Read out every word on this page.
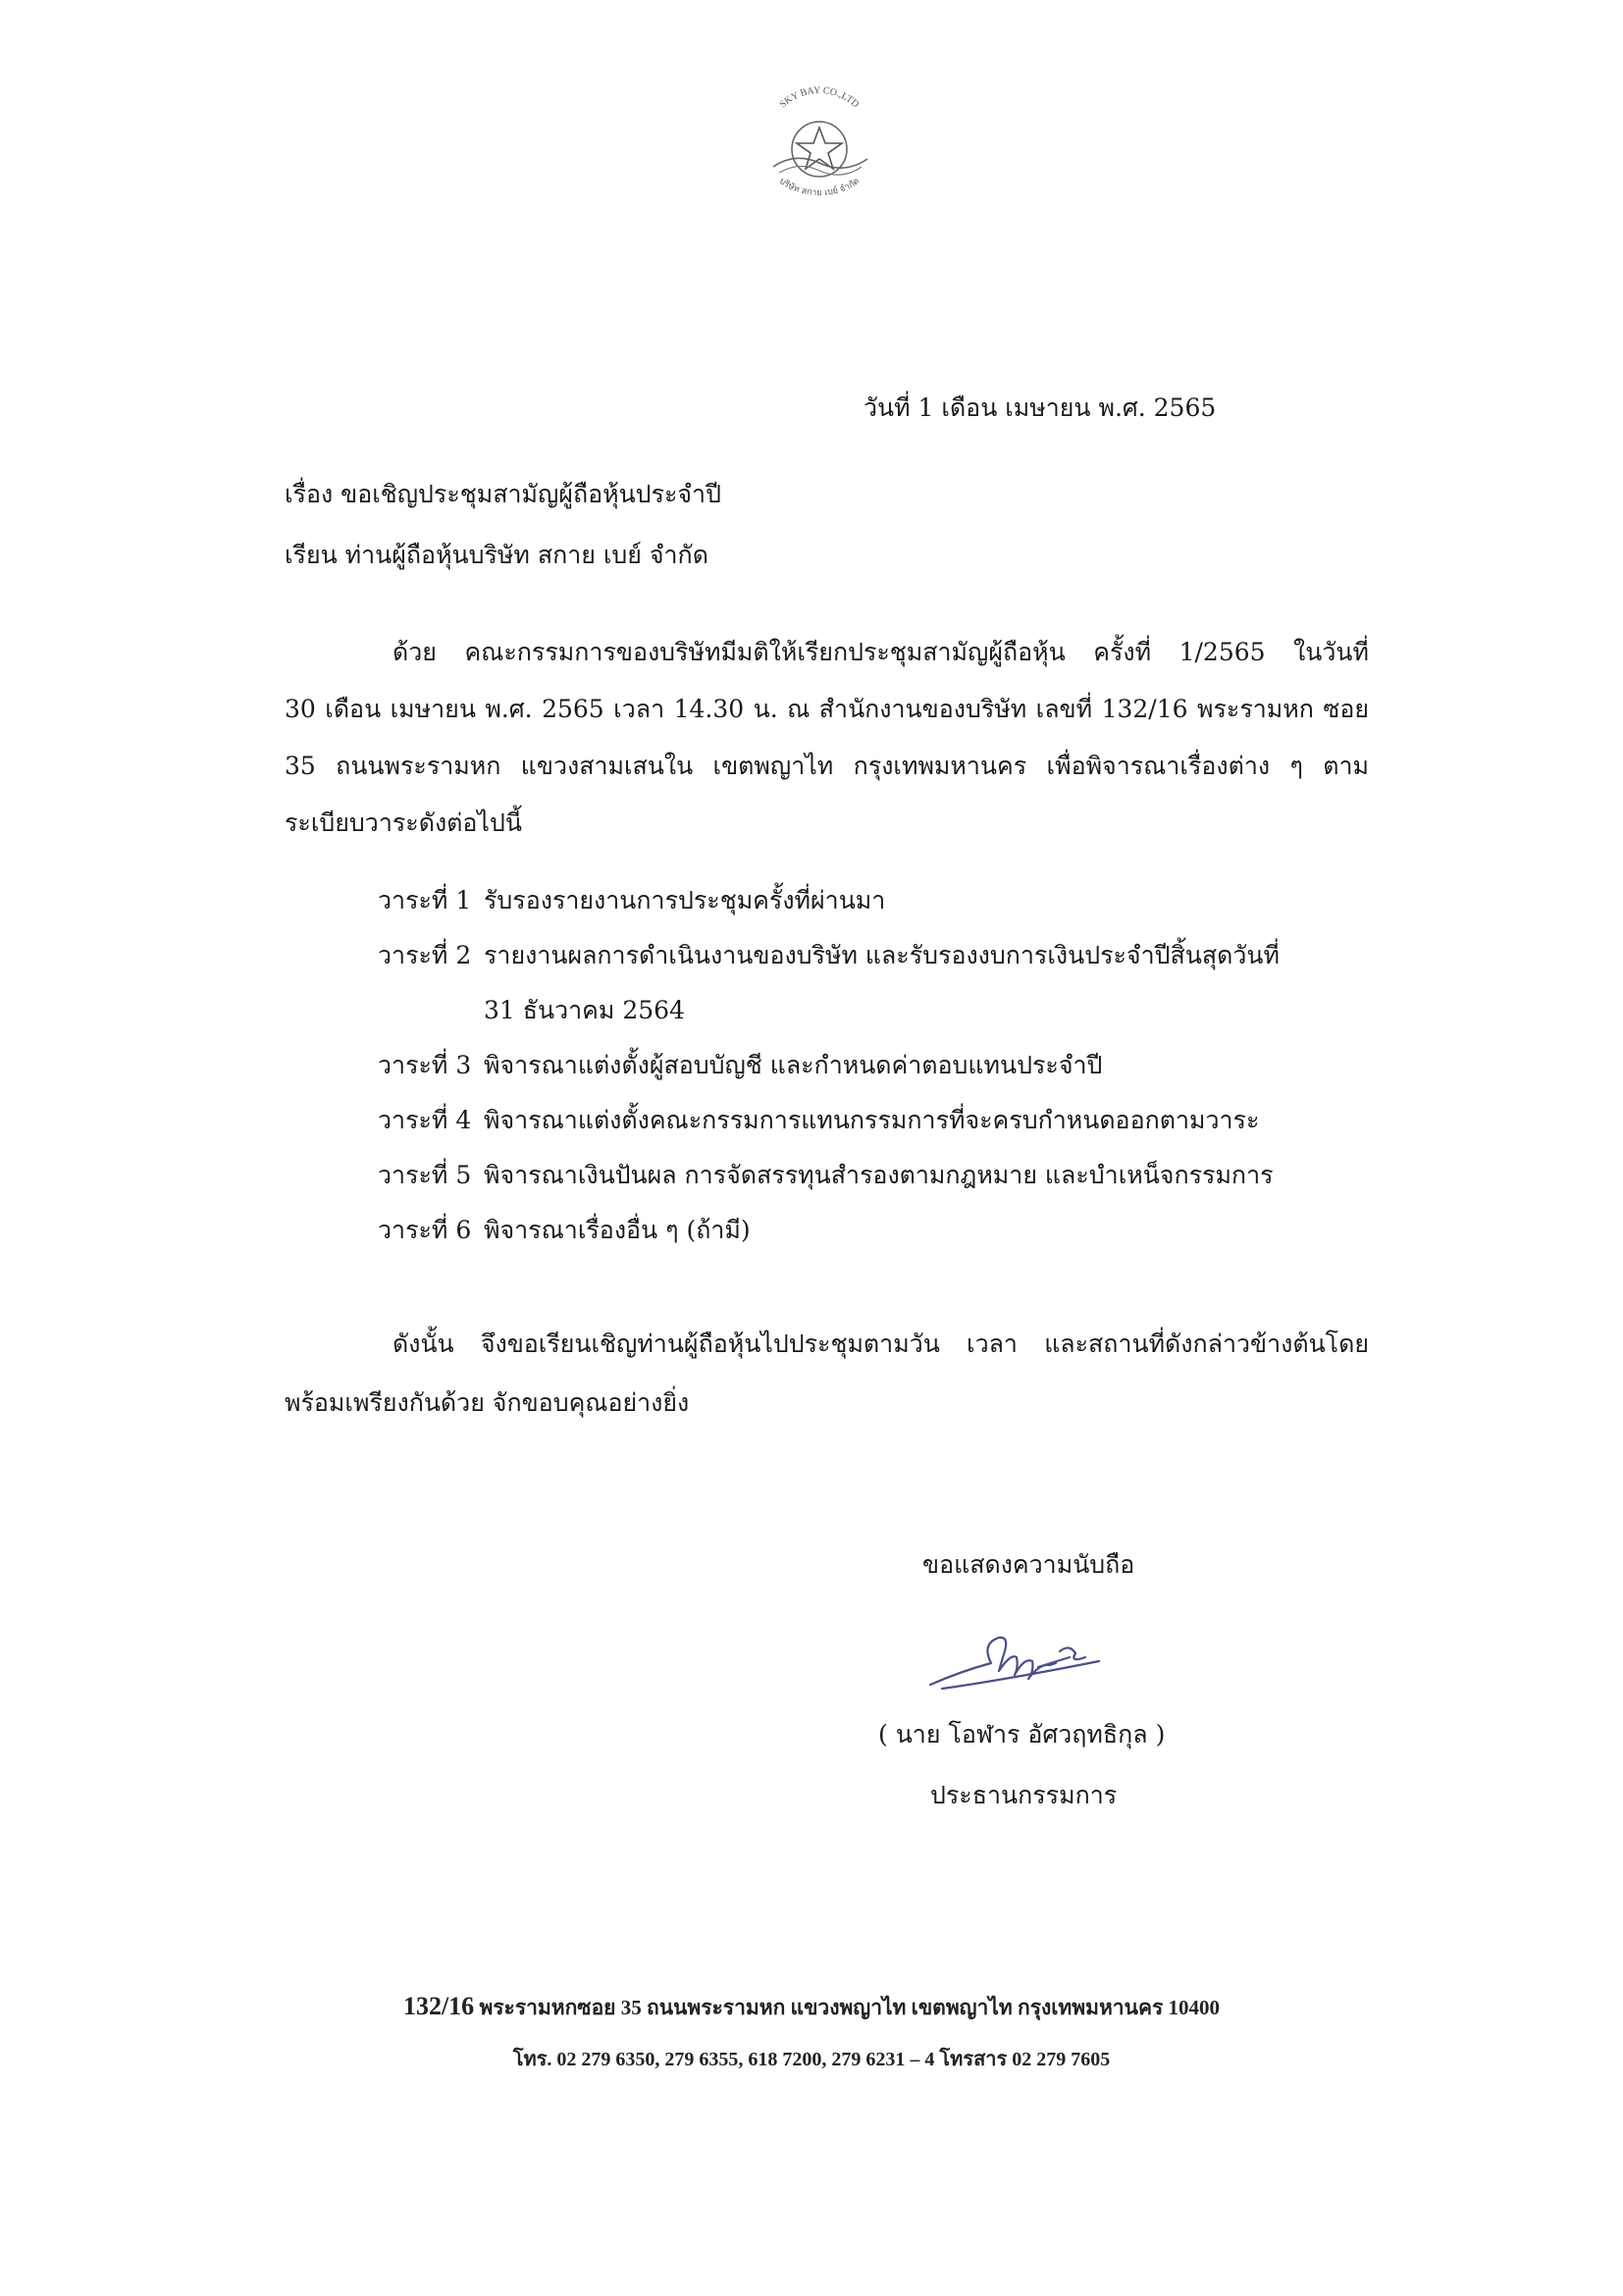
SKY BAY CO.,LTD
บริษัท สกาย เบย์ จำกัด
วันที่ 1 เดือน เมษายน พ.ศ. 2565
เรื่อง ขอเชิญประชุมสามัญผู้ถือหุ้นประจำปี
เรียน ท่านผู้ถือหุ้นบริษัท สกาย เบย์ จำกัด
ด้วย คณะกรรมการของบริษัทมีมติให้เรียกประชุมสามัญผู้ถือหุ้น ครั้งที่ 1/2565 ในวันที่
30 เดือน เมษายน พ.ศ. 2565 เวลา 14.30 น. ณ สำนักงานของบริษัท เลขที่ 132/16 พระรามหก ซอย
35 ถนนพระรามหก แขวงสามเสนใน เขตพญาไท กรุงเทพมหานคร เพื่อพิจารณาเรื่องต่าง ๆ ตาม
ระเบียบวาระดังต่อไปนี้
วาระที่ 1 รับรองรายงานการประชุมครั้งที่ผ่านมา
วาระที่ 2 รายงานผลการดำเนินงานของบริษัท และรับรองงบการเงินประจำปีสิ้นสุดวันที่
31 ธันวาคม 2564
วาระที่ 3 พิจารณาแต่งตั้งผู้สอบบัญชี และกำหนดค่าตอบแทนประจำปี
วาระที่ 4 พิจารณาแต่งตั้งคณะกรรมการแทนกรรมการที่จะครบกำหนดออกตามวาระ
วาระที่ 5 พิจารณาเงินปันผล การจัดสรรทุนสำรองตามกฎหมาย และบำเหน็จกรรมการ
วาระที่ 6 พิจารณาเรื่องอื่น ๆ (ถ้ามี)
ดังนั้น จึงขอเรียนเชิญท่านผู้ถือหุ้นไปประชุมตามวัน เวลา และสถานที่ดังกล่าวข้างต้นโดย
พร้อมเพรียงกันด้วย จักขอบคุณอย่างยิ่ง
ขอแสดงความนับถือ
( นาย โอฬาร อัศวฤทธิกุล )
ประธานกรรมการ
132/16 พระรามหกซอย 35 ถนนพระรามหก แขวงพญาไท เขตพญาไท กรุงเทพมหานคร 10400
โทร. 02 279 6350, 279 6355, 618 7200, 279 6231 – 4 โทรสาร 02 279 7605
